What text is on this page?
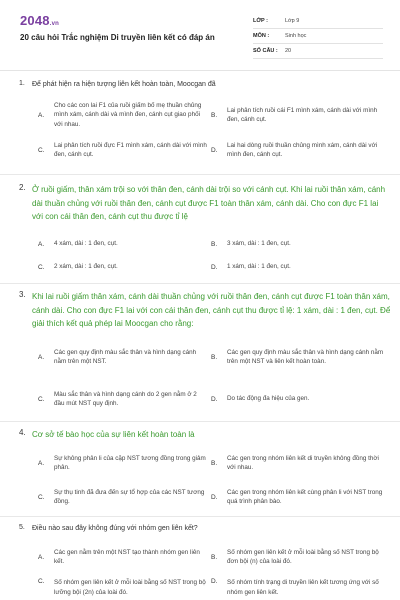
2048.vn
20 câu hỏi Trắc nghiệm Di truyền liên kết có đáp án
LỚP :	Lớp 9
MÔN :	Sinh học
SỐ CÂU :	20
1.	Để phát hiện ra hiện tượng liên kết hoàn toàn, Moocgan đã
A.
Cho các con lai F1 của ruồi giấm bố mẹ thuần chủng mình xám, cánh dài và mình đen, cánh cụt giao phối với nhau.
B.
Lai phân tích ruồi cái F1 mình xám, cánh dài với mình đen, cánh cụt.
C.
Lai phân tích ruồi đực F1 mình xám, cánh dài với mình đen, cánh cụt.
D.
Lai hai dòng ruồi thuần chủng mình xám, cánh dài với mình đen, cánh cụt.
2. Ở ruồi giấm, thân xám trội so với thân đen, cánh dài trội so với cánh cụt. Khi lai ruồi thân xám, cánh dài thuần chủng với ruồi thân đen, cánh cụt được F1 toàn thân xám, cánh dài. Cho con đực F1 lai với con cái thân đen, cánh cụt thu được tỉ lệ
A.	4 xám, dài : 1 đen, cụt.	B.	3 xám, dài : 1 đen, cụt.
C.	2 xám, dài : 1 đen, cụt.	D.	1 xám, dài : 1 đen, cụt.
3. Khi lai ruồi giấm thân xám, cánh dài thuần chủng với ruồi thân đen, cánh cụt được F1 toàn thân xám, cánh dài. Cho con đực F1 lai với con cái thân đen, cánh cụt thu được tỉ lệ: 1 xám, dài : 1 đen, cụt. Để giải thích kết quả phép lai Moocgan cho rằng:
A.
Các gen quy định màu sắc thân và hình dạng cánh nằm trên một NST.
B.
Các gen quy định màu sắc thân và hình dạng cánh nằm trên một NST và liên kết hoàn toàn.
C.
Màu sắc thân và hình dạng cánh do 2 gen nằm ở 2 đầu mút NST quy định.
D.	Do tác động đa hiệu của gen.
4. Cơ sở tế bào học của sự liên kết hoàn toàn là
A.
Sự không phân li của cặp NST tương đồng trong giảm phân.
B.
Các gen trong nhóm liên kết di truyền không đồng thời với nhau.
C.
Sự thụ tinh đã đưa đến sự tổ hợp của các NST tương đồng.
D.
Các gen trong nhóm liên kết cùng phân li với NST trong quá trình phân bào.
5.	Điều nào sau đây không đúng với nhóm gen liên kết?
A.
Các gen nằm trên một NST tạo thành nhóm gen liên kết.
B.
Số nhóm gen liên kết ở mỗi loài bằng số NST trong bộ đơn bội (n) của loài đó.
C.	Số nhóm gen liên kết ở mỗi loài bằng số NST trong bộ lưỡng bội (2n) của loài đó.
D.	Số nhóm tính trạng di truyền liên kết tương ứng với số nhóm gen liên kết.
